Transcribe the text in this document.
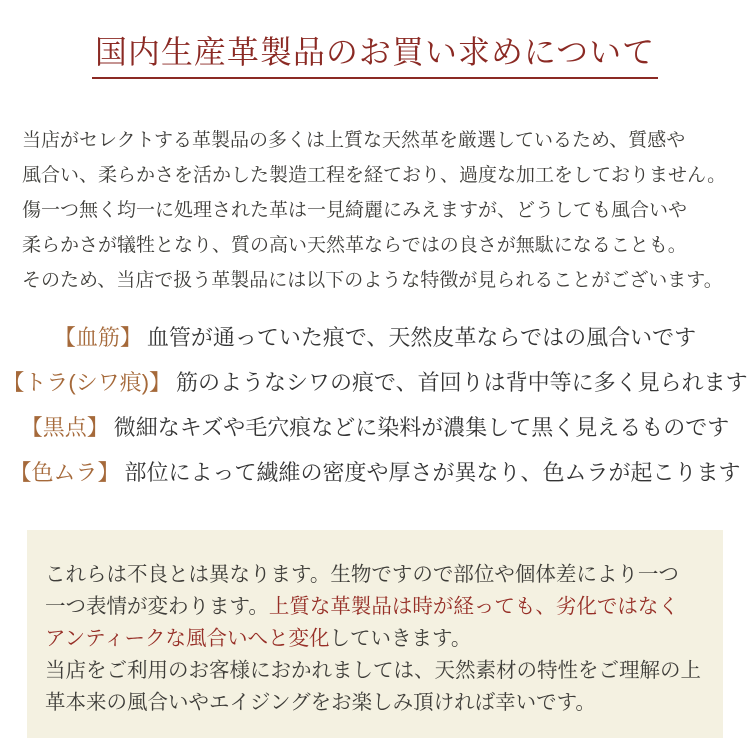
国内生産革製品のお買い求めについて
当店がセレクトする革製品の多くは上質な天然革を厳選しているため、質感や
風合い、柔らかさを活かした製造工程を経ており、過度な加工をしておりません。
傷一つ無く均一に処理された革は一見綺麗にみえますが、どうしても風合いや
柔らかさが犠牲となり、質の高い天然革ならではの良さが無駄になることも。
そのため、当店で扱う革製品には以下のような特徴が見られることがございます。
【血筋】 血管が通っていた痕で、天然皮革ならではの風合いです
【トラ(シワ痕)】 筋のようなシワの痕で、首回りは背中等に多く見られます
【黒点】 微細なキズや毛穴痕などに染料が濃集して黒く見えるものです
【色ムラ】 部位によって繊維の密度や厚さが異なり、色ムラが起こります
これらは不良とは異なります。生物ですので部位や個体差により一つ
一つ表情が変わります。上質な革製品は時が経っても、劣化ではなく
アンティークな風合いへと変化していきます。
当店をご利用のお客様におかれましては、天然素材の特性をご理解の上
革本来の風合いやエイジングをお楽しみ頂ければ幸いです。
